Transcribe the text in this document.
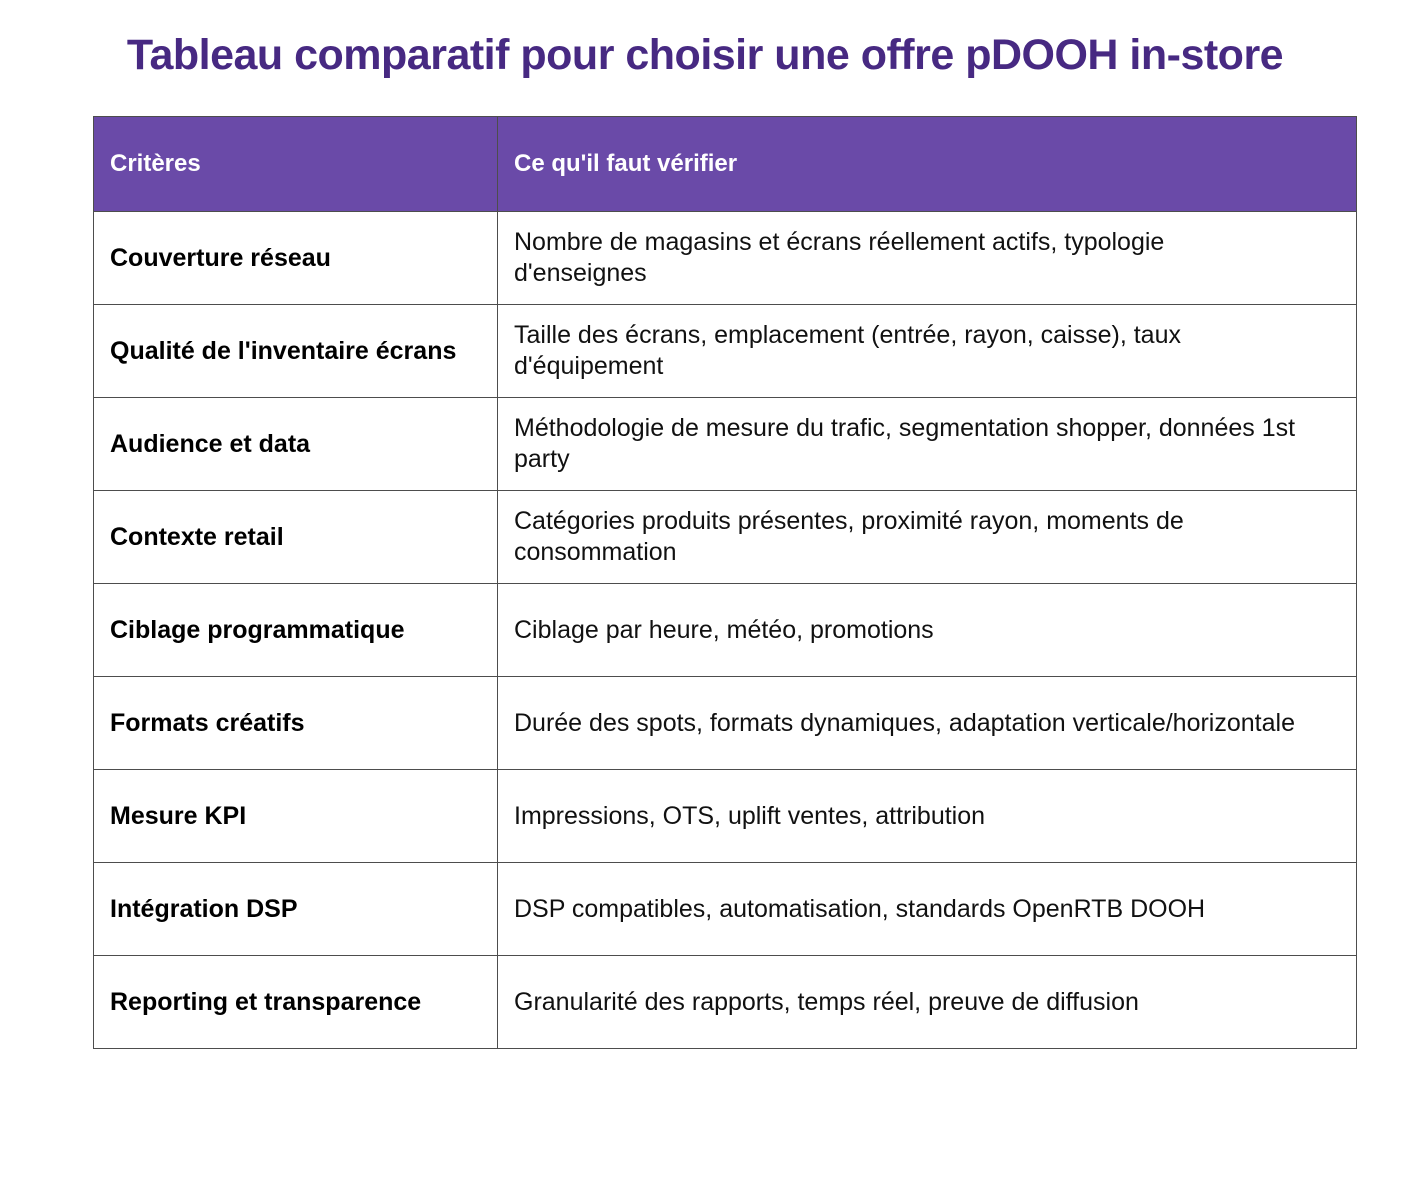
Tableau comparatif pour choisir une offre pDOOH in-store
Critères	Ce qu'il faut vérifier
Couverture réseau	Nombre de magasins et écrans réellement actifs, typologie d'enseignes
Qualité de l'inventaire écrans	Taille des écrans, emplacement (entrée, rayon, caisse), taux d'équipement
Audience et data	Méthodologie de mesure du trafic, segmentation shopper, données 1st party
Contexte retail	Catégories produits présentes, proximité rayon, moments de consommation
Ciblage programmatique	Ciblage par heure, météo, promotions
Formats créatifs	Durée des spots, formats dynamiques, adaptation verticale/horizontale
Mesure KPI	Impressions, OTS, uplift ventes, attribution
Intégration DSP	DSP compatibles, automatisation, standards OpenRTB DOOH
Reporting et transparence	Granularité des rapports, temps réel, preuve de diffusion
